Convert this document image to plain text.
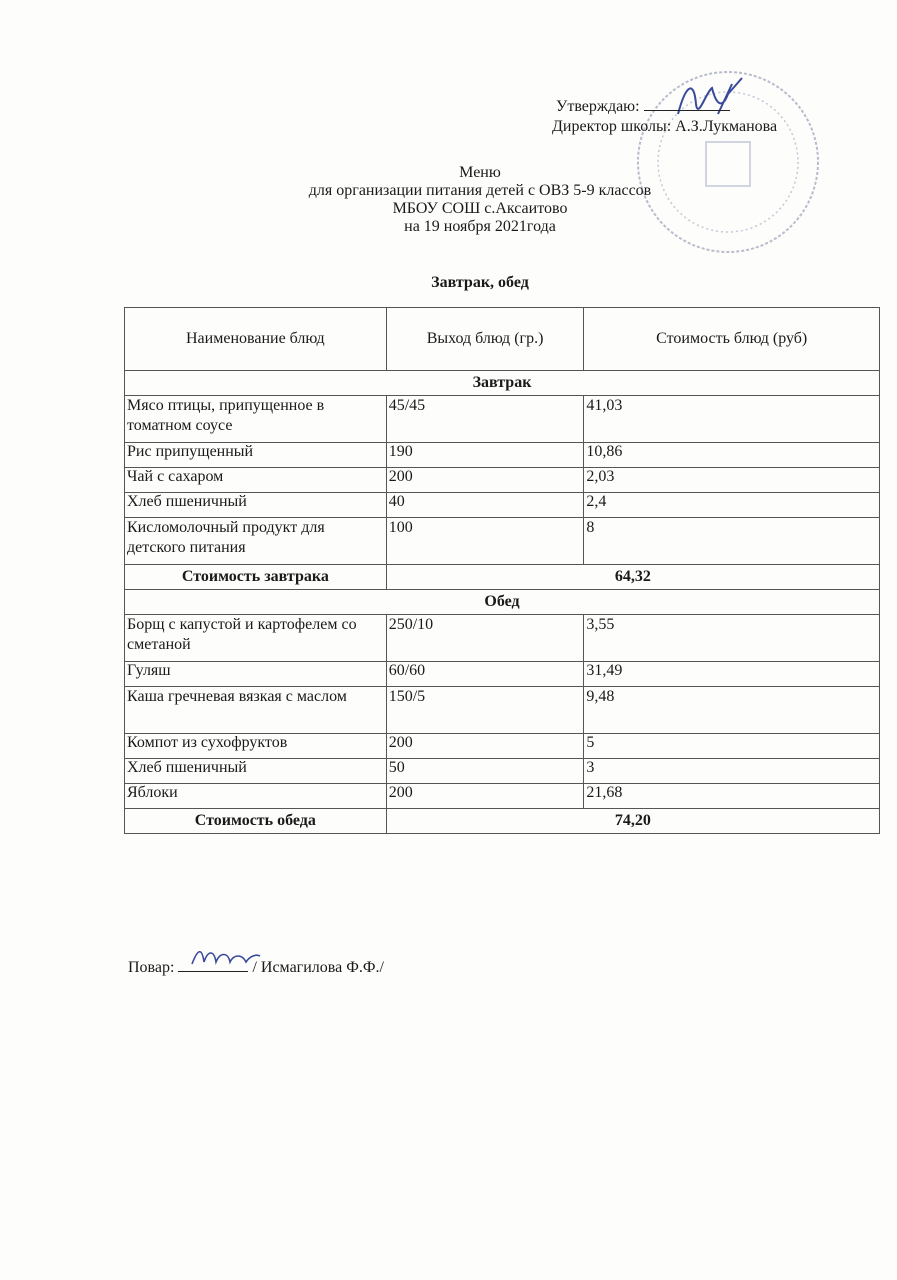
Утверждаю:
Директор школы: А.З.Лукманова
Меню
для организации питания детей с ОВЗ 5-9 классов
МБОУ СОШ с.Аксаитово
на 19 ноября 2021года
Завтрак, обед
Наименование блюд	Выход блюд (гр.)	Стоимость блюд (руб)
Завтрак		
Мясо птицы, припущенное в томатном соусе	45/45	41,03
Рис припущенный	190	10,86
Чай с сахаром	200	2,03
Хлеб пшеничный	40	2,4
Кисломолочный продукт для детского питания	100	8
Стоимость завтрака	64,32	
Обед		
Борщ с капустой и картофелем со сметаной	250/10	3,55
Гуляш	60/60	31,49
Каша гречневая вязкая с маслом	150/5	9,48
Компот из сухофруктов	200	5
Хлеб пшеничный	50	3
Яблоки	200	21,68
Стоимость обеда	74,20	
Повар:	/ Исмагилова Ф.Ф./
